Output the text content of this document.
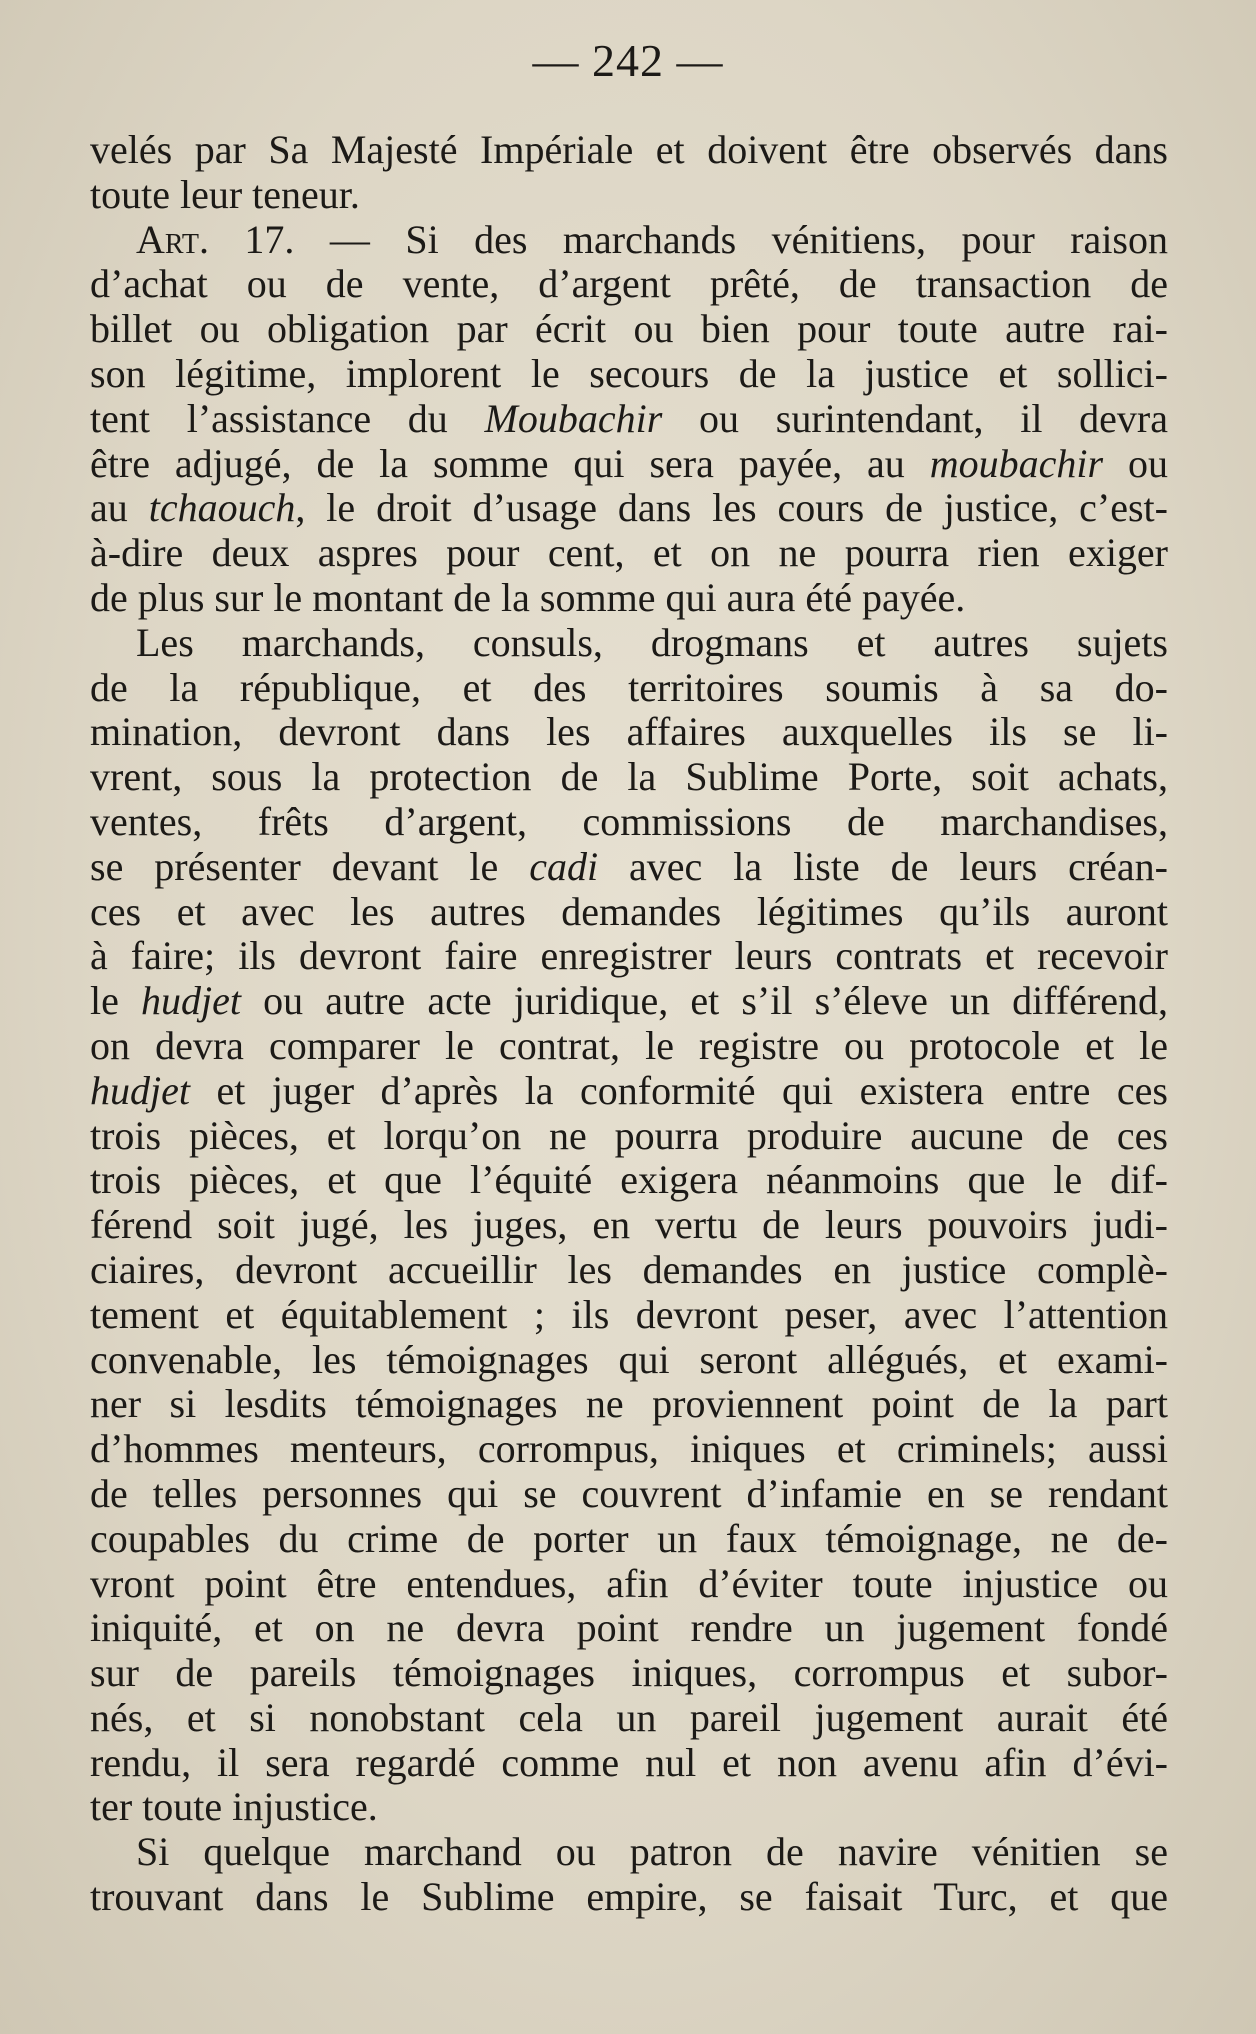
— 242 —
velés par Sa Majesté Impériale et doivent être observés dans
toute leur teneur.
Art. 17. — Si des marchands vénitiens, pour raison
d’achat ou de vente, d’argent prêté, de transaction de
billet ou obligation par écrit ou bien pour toute autre rai-
son légitime, implorent le secours de la justice et sollici-
tent l’assistance du Moubachir ou surintendant, il devra
être adjugé, de la somme qui sera payée, au moubachir ou
au tchaouch, le droit d’usage dans les cours de justice, c’est-
à-dire deux aspres pour cent, et on ne pourra rien exiger
de plus sur le montant de la somme qui aura été payée.
Les marchands, consuls, drogmans et autres sujets
de la république, et des territoires soumis à sa do-
mination, devront dans les affaires auxquelles ils se li-
vrent, sous la protection de la Sublime Porte, soit achats,
ventes, frêts d’argent, commissions de marchandises,
se présenter devant le cadi avec la liste de leurs créan-
ces et avec les autres demandes légitimes qu’ils auront
à faire; ils devront faire enregistrer leurs contrats et recevoir
le hudjet ou autre acte juridique, et s’il s’éleve un différend,
on devra comparer le contrat, le registre ou protocole et le
hudjet et juger d’après la conformité qui existera entre ces
trois pièces, et lorqu’on ne pourra produire aucune de ces
trois pièces, et que l’équité exigera néanmoins que le dif-
férend soit jugé, les juges, en vertu de leurs pouvoirs judi-
ciaires, devront accueillir les demandes en justice complè-
tement et équitablement ; ils devront peser, avec l’attention
convenable, les témoignages qui seront allégués, et exami-
ner si lesdits témoignages ne proviennent point de la part
d’hommes menteurs, corrompus, iniques et criminels; aussi
de telles personnes qui se couvrent d’infamie en se rendant
coupables du crime de porter un faux témoignage, ne de-
vront point être entendues, afin d’éviter toute injustice ou
iniquité, et on ne devra point rendre un jugement fondé
sur de pareils témoignages iniques, corrompus et subor-
nés, et si nonobstant cela un pareil jugement aurait été
rendu, il sera regardé comme nul et non avenu afin d’évi-
ter toute injustice.
Si quelque marchand ou patron de navire vénitien se
trouvant dans le Sublime empire, se faisait Turc, et que
